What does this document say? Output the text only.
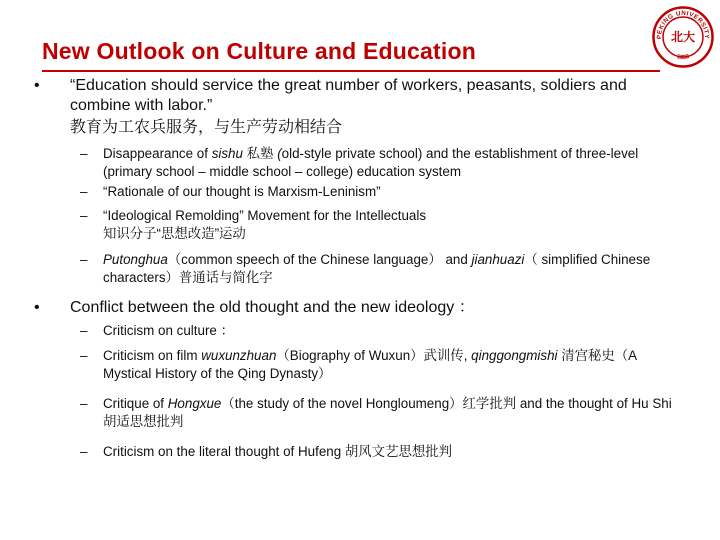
New Outlook on Culture and Education
PEKING UNIVERSITY
1898
北大
• “Education should service the great number of workers, peasants, soldiers and combine with labor.”
教育为工农兵服务，与生产劳动相结合
– Disappearance of sishu 私塾 (old-style private school) and the establishment of three-level (primary school – middle school – college) education system
– “Rationale of our thought is Marxism-Leninism”
– “Ideological Remolding” Movement for the Intellectuals
知识分子“思想改造”运动
– Putonghua（common speech of the Chinese language） and jianhuazi（ simplified Chinese characters）普通话与简化字
• Conflict between the old thought and the new ideology ：
– Criticism on culture ：
– Criticism on film wuxunzhuan（Biography of Wuxun）武训传, qinggongmishi 清宫秘史（A Mystical History of the Qing Dynasty）
– Critique of Hongxue（the study of the novel Hongloumeng）红学批判 and the thought of Hu Shi 胡适思想批判
– Criticism on the literal thought of Hufeng 胡风文艺思想批判
